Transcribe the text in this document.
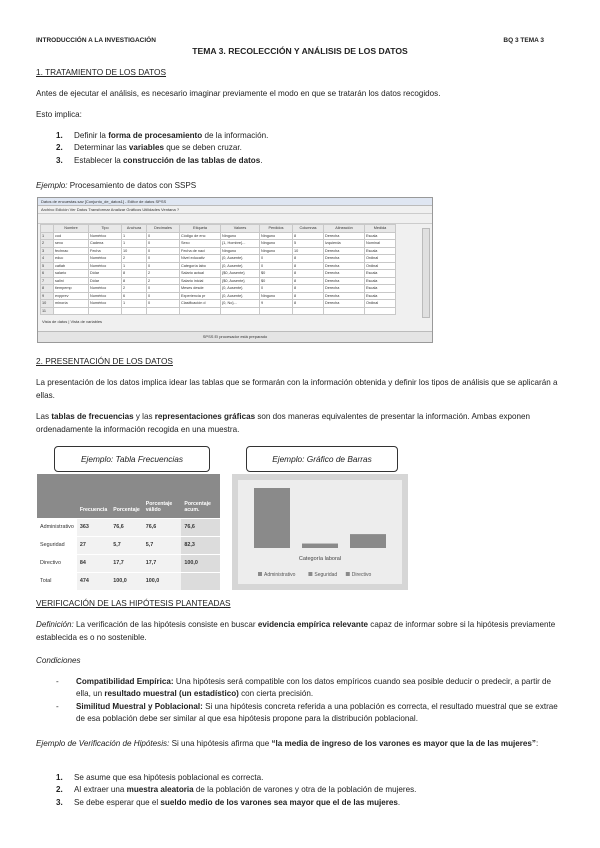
INTRODUCCIÓN A LA INVESTIGACIÓN	BQ 3 TEMA 3
TEMA 3. RECOLECCIÓN Y ANÁLISIS DE LOS DATOS
1. TRATAMIENTO DE LOS DATOS
Antes de ejecutar el análisis, es necesario imaginar previamente el modo en que se tratarán los datos recogidos.
Esto implica:
1.	Definir la forma de procesamiento de la información.
2.	Determinar las variables que se deben cruzar.
3.	Establecer la construcción de las tablas de datos.
Ejemplo: Procesamiento de datos con SSPS
Datos de encuestas.sav [Conjunto_de_datos1] - Editor de datos SPSS
Archivo Edición Ver Datos Transformar Analizar Gráficos Utilidades Ventana ?
	Nombre	Tipo	Anchura	Decimales	Etiqueta	Valores	Perdidos	Columnas	Alineación	Medida
1	cod	Numérico	1	0	Código de enc	Ninguno	Ninguno	8	Derecha	Escala
2	sexo	Cadena	1	0	Sexo	{1, Hombre}...	Ninguno	5	Izquierda	Nominal
3	fechnac	Fecha	10	0	Fecha de naci	Ninguno	Ninguno	10	Derecha	Escala
4	educ	Numérico	2	0	Nivel educativ	{0, Ausente}	0	8	Derecha	Ordinal
5	catlab	Numérico	1	0	Categoría labo	{0, Ausente}	0	8	Derecha	Ordinal
6	salario	Dólar	8	2	Salario actual	{$0, Ausente}	$0	8	Derecha	Escala
7	salini	Dólar	8	2	Salario inicial	{$0, Ausente}	$0	8	Derecha	Escala
8	tiempemp	Numérico	2	0	Meses desde	{0, Ausente}	0	8	Derecha	Escala
9	expprev	Numérico	6	0	Experiencia pr	{0, Ausente}	Ninguno	8	Derecha	Escala
10	minoría	Numérico	1	0	Clasificación d	{0, No}...	9	8	Derecha	Ordinal
11										
Vista de datos | Vista de variables
SPSS El procesador está preparado
2. PRESENTACIÓN DE LOS DATOS
La presentación de los datos implica idear las tablas que se formarán con la información obtenida y definir los tipos de análisis que se aplicarán a ellas.
Las tablas de frecuencias y las representaciones gráficas son dos maneras equivalentes de presentar la información. Ambas exponen ordenadamente la información recogida en una muestra.
Ejemplo: Tabla Frecuencias	Ejemplo: Gráfico de Barras
	Frecuencia	Porcentaje	Porcentaje válido	Porcentaje acum.
Administrativo	363	76,6	76,6	76,6
Seguridad	27	5,7	5,7	82,3
Directivo	84	17,7	17,7	100,0
Total	474	100,0	100,0	
Categoría laboral
Administrativo	Seguridad	Directivo
VERIFICACIÓN DE LAS HIPÓTESIS PLANTEADAS
Definición: La verificación de las hipótesis consiste en buscar evidencia empírica relevante capaz de informar sobre si la hipótesis previamente establecida es o no sostenible.
Condiciones
-	Compatibilidad Empírica: Una hipótesis será compatible con los datos empíricos cuando sea posible deducir o predecir, a partir de ella, un resultado muestral (un estadístico) con cierta precisión.
-	Similitud Muestral y Poblacional: Si una hipótesis concreta referida a una población es correcta, el resultado muestral que se extrae de esa población debe ser similar al que esa hipótesis propone para la distribución poblacional.
Ejemplo de Verificación de Hipótesis: Si una hipótesis afirma que “la media de ingreso de los varones es mayor que la de las mujeres”:
1.	Se asume que esa hipótesis poblacional es correcta.
2.	Al extraer una muestra aleatoria de la población de varones y otra de la población de mujeres.
3.	Se debe esperar que el sueldo medio de los varones sea mayor que el de las mujeres.
